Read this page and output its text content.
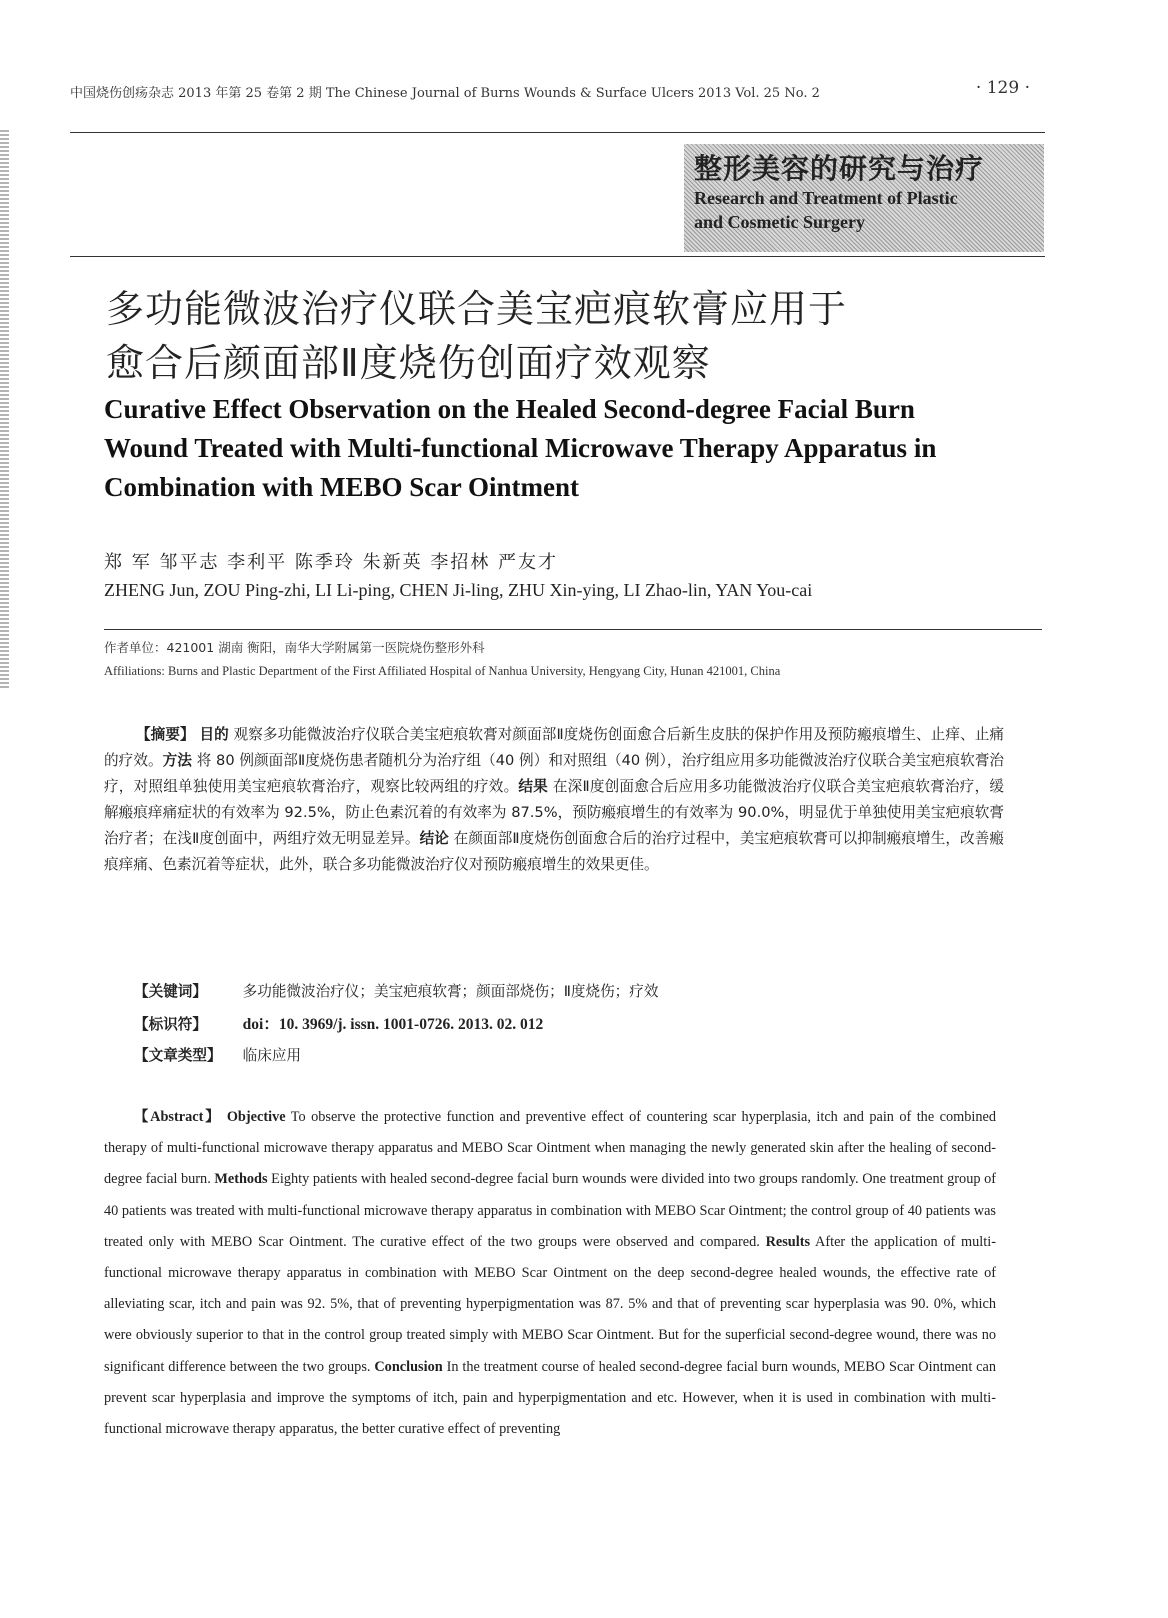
中国烧伤创疡杂志 2013 年第 25 卷第 2 期 The Chinese Journal of Burns Wounds & Surface Ulcers 2013 Vol. 25 No. 2	· 129 ·
整形美容的研究与治疗
Research and Treatment of Plastic
and Cosmetic Surgery
多功能微波治疗仪联合美宝疤痕软膏应用于
愈合后颜面部Ⅱ度烧伤创面疗效观察
Curative Effect Observation on the Healed Second-degree Facial Burn Wound Treated with Multi-functional Microwave Therapy Apparatus in Combination with MEBO Scar Ointment
郑 军 邹平志 李利平 陈季玲 朱新英 李招林 严友才
ZHENG Jun, ZOU Ping-zhi, LI Li-ping, CHEN Ji-ling, ZHU Xin-ying, LI Zhao-lin, YAN You-cai
作者单位：421001 湖南 衡阳，南华大学附属第一医院烧伤整形外科
Affiliations: Burns and Plastic Department of the First Affiliated Hospital of Nanhua University, Hengyang City, Hunan 421001, China
【摘要】 目的 观察多功能微波治疗仪联合美宝疤痕软膏对颜面部Ⅱ度烧伤创面愈合后新生皮肤的保护作用及预防瘢痕增生、止痒、止痛的疗效。方法 将 80 例颜面部Ⅱ度烧伤患者随机分为治疗组（40 例）和对照组（40 例），治疗组应用多功能微波治疗仪联合美宝疤痕软膏治疗，对照组单独使用美宝疤痕软膏治疗，观察比较两组的疗效。结果 在深Ⅱ度创面愈合后应用多功能微波治疗仪联合美宝疤痕软膏治疗，缓解瘢痕痒痛症状的有效率为 92.5%，防止色素沉着的有效率为 87.5%，预防瘢痕增生的有效率为 90.0%，明显优于单独使用美宝疤痕软膏治疗者；在浅Ⅱ度创面中，两组疗效无明显差异。结论 在颜面部Ⅱ度烧伤创面愈合后的治疗过程中，美宝疤痕软膏可以抑制瘢痕增生，改善瘢痕痒痛、色素沉着等症状，此外，联合多功能微波治疗仪对预防瘢痕增生的效果更佳。
【关键词】 多功能微波治疗仪；美宝疤痕软膏；颜面部烧伤；Ⅱ度烧伤；疗效
【标识符】 doi：10. 3969/j. issn. 1001-0726. 2013. 02. 012
【文章类型】 临床应用
【Abstract】 Objective To observe the protective function and preventive effect of countering scar hyperplasia, itch and pain of the combined therapy of multi-functional microwave therapy apparatus and MEBO Scar Ointment when managing the newly generated skin after the healing of second-degree facial burn. Methods Eighty patients with healed second-degree facial burn wounds were divided into two groups randomly. One treatment group of 40 patients was treated with multi-functional microwave therapy apparatus in combination with MEBO Scar Ointment; the control group of 40 patients was treated only with MEBO Scar Ointment. The curative effect of the two groups were observed and compared. Results After the application of multi-functional microwave therapy apparatus in combination with MEBO Scar Ointment on the deep second-degree healed wounds, the effective rate of alleviating scar, itch and pain was 92. 5%, that of preventing hyperpigmentation was 87. 5% and that of preventing scar hyperplasia was 90. 0%, which were obviously superior to that in the control group treated simply with MEBO Scar Ointment. But for the superficial second-degree wound, there was no significant difference between the two groups. Conclusion In the treatment course of healed second-degree facial burn wounds, MEBO Scar Ointment can prevent scar hyperplasia and improve the symptoms of itch, pain and hyperpigmentation and etc. However, when it is used in combination with multi-functional microwave therapy apparatus, the better curative effect of preventing
